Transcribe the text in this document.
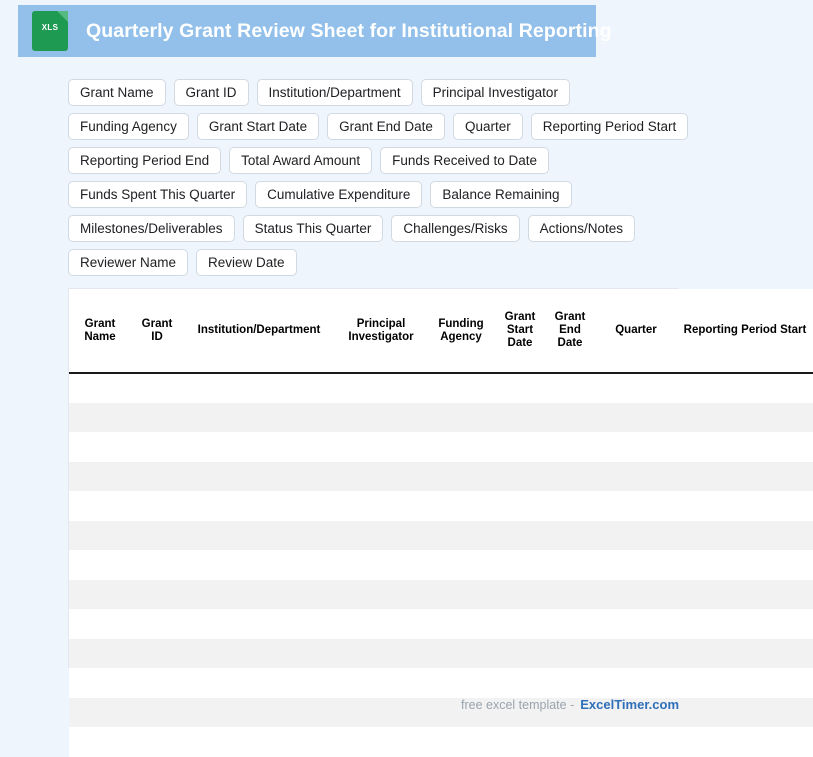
XLS	Quarterly Grant Review Sheet for Institutional Reporting
Grant Name	Grant ID	Institution/Department	Principal Investigator
Funding Agency	Grant Start Date	Grant End Date	Quarter	Reporting Period Start
Reporting Period End	Total Award Amount	Funds Received to Date
Funds Spent This Quarter	Cumulative Expenditure	Balance Remaining
Milestones/Deliverables	Status This Quarter	Challenges/Risks	Actions/Notes
Reviewer Name	Review Date
Grant Name	Grant ID	Institution/Department	Principal Investigator	Funding Agency	Grant Start Date	Grant End Date	Quarter	Reporting Period Start

free excel template - ExcelTimer.com
